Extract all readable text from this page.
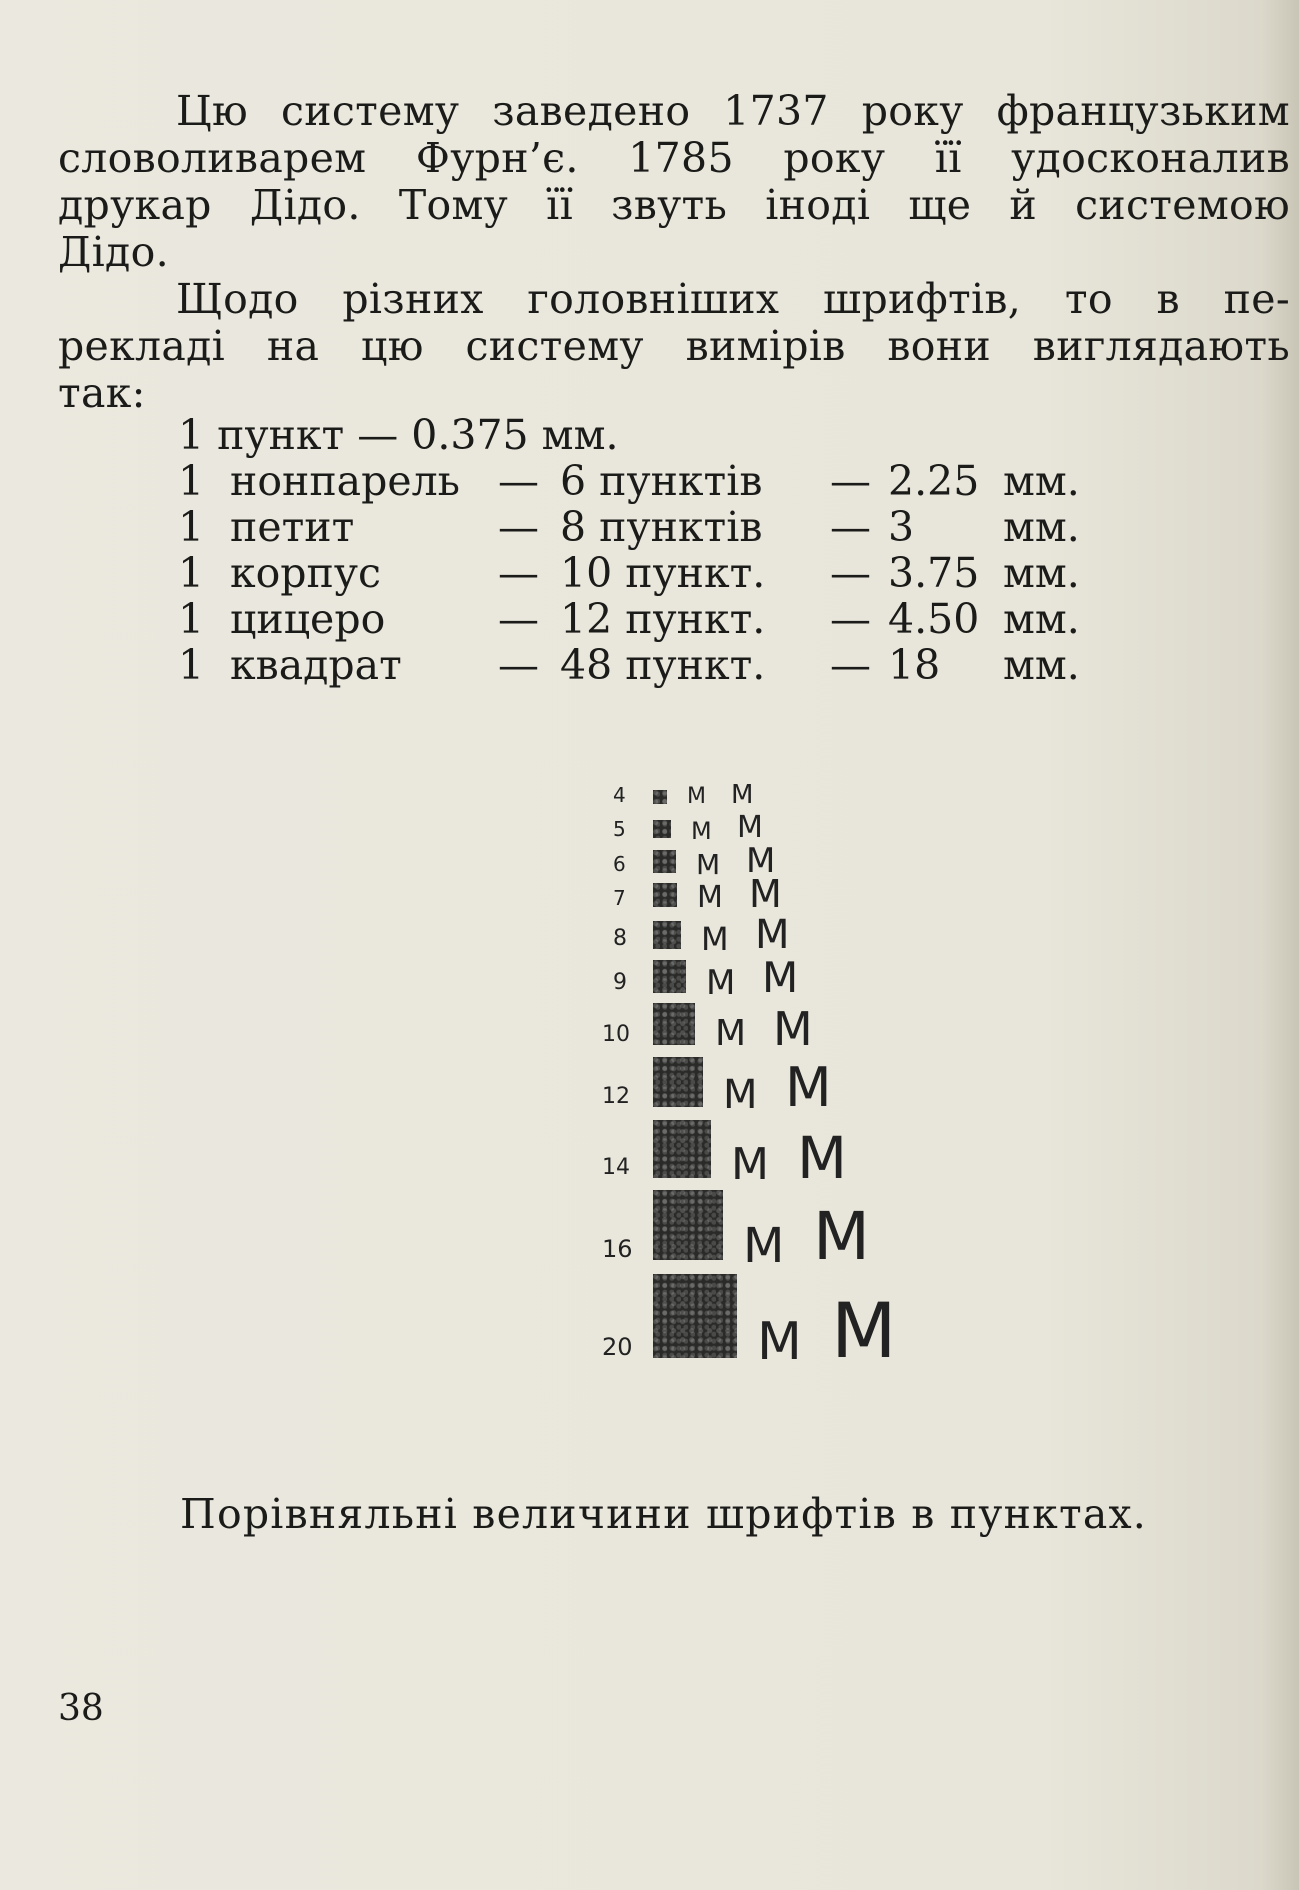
Цю систему заведено 1737 року французьким
словоливарем Фурн’є. 1785 року її удосконалив
друкар Дідо. Тому її звуть іноді ще й системою
Дідо.

Щодо різних головніших шрифтів, то в пе-
рекладі на цю систему вимірів вони виглядають
так:

1 пункт — 0.375 мм.						
1	нонпарель	—	6 пунктів	—	2.25	мм.
1	петит	—	8 пунктів	—	3	мм.
1	корпус	—	10 пункт.	—	3.75	мм.
1	цицеро	—	12 пункт.	—	4.50	мм.
1	квадрат	—	48 пункт.	—	18	мм.
4	M M
5	M M
6	M M
7 M M
8 M M
9 M M
10 M M
12 M M
14 M M
16 M M
20 M M
Порівняльні величини шрифтів в пунктах.
38
